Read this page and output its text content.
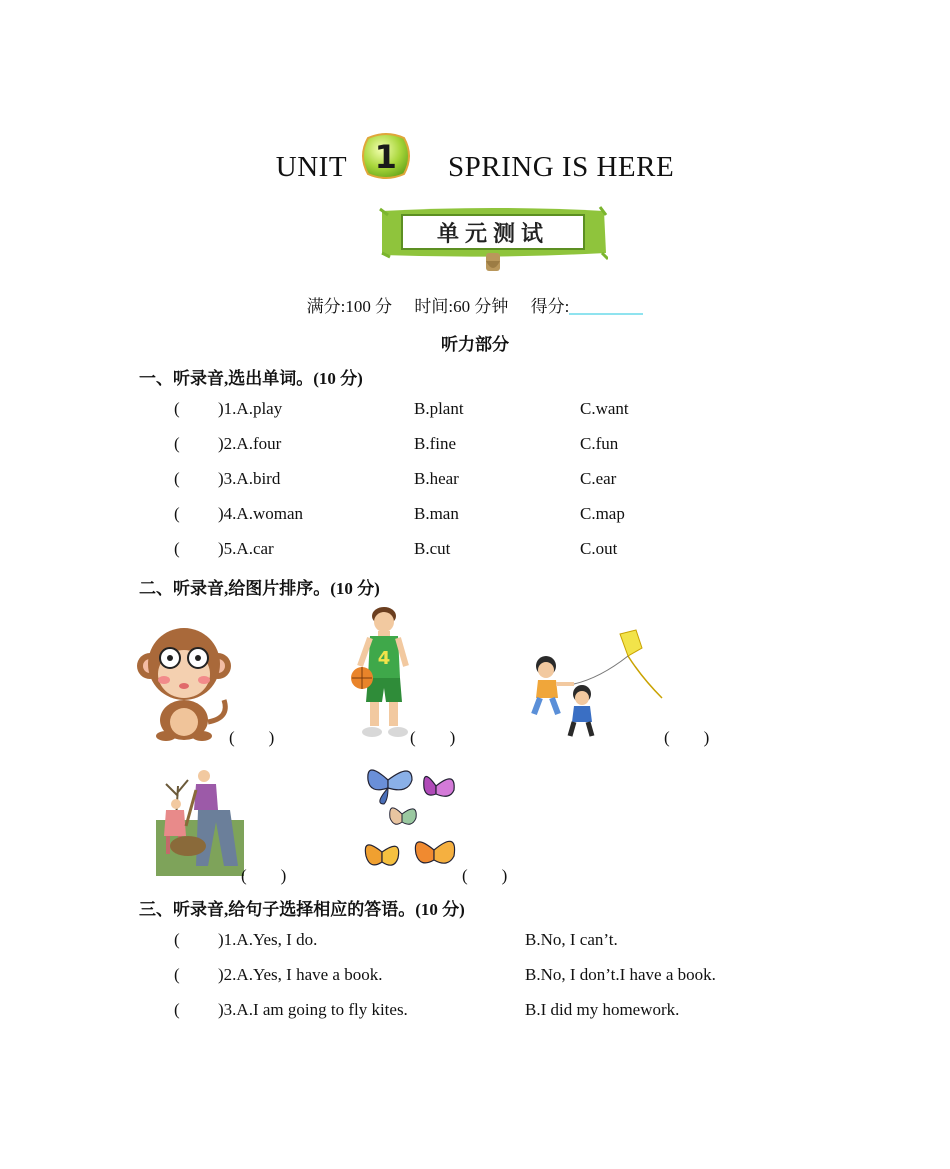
UNIT 1 SPRING IS HERE
单元测试
满分:100 分 时间:60 分钟 得分:
听力部分
一、听录音,选出单词。(10 分)
( )1.A.play	B.plant	C.want
( )2.A.four	B.fine	C.fun
( )3.A.bird	B.hear	C.ear
( )4.A.woman	B.man	C.map
( )5.A.car	B.cut	C.out
二、听录音,给图片排序。(10 分)
(　　)
4
(　　)	(　　)
(　　)	(　　)
三、听录音,给句子选择相应的答语。(10 分)
( )1.A.Yes, I do.	B.No, I can’t.
( )2.A.Yes, I have a book.	B.No, I don’t.I have a book.
( )3.A.I am going to fly kites.	B.I did my homework.
